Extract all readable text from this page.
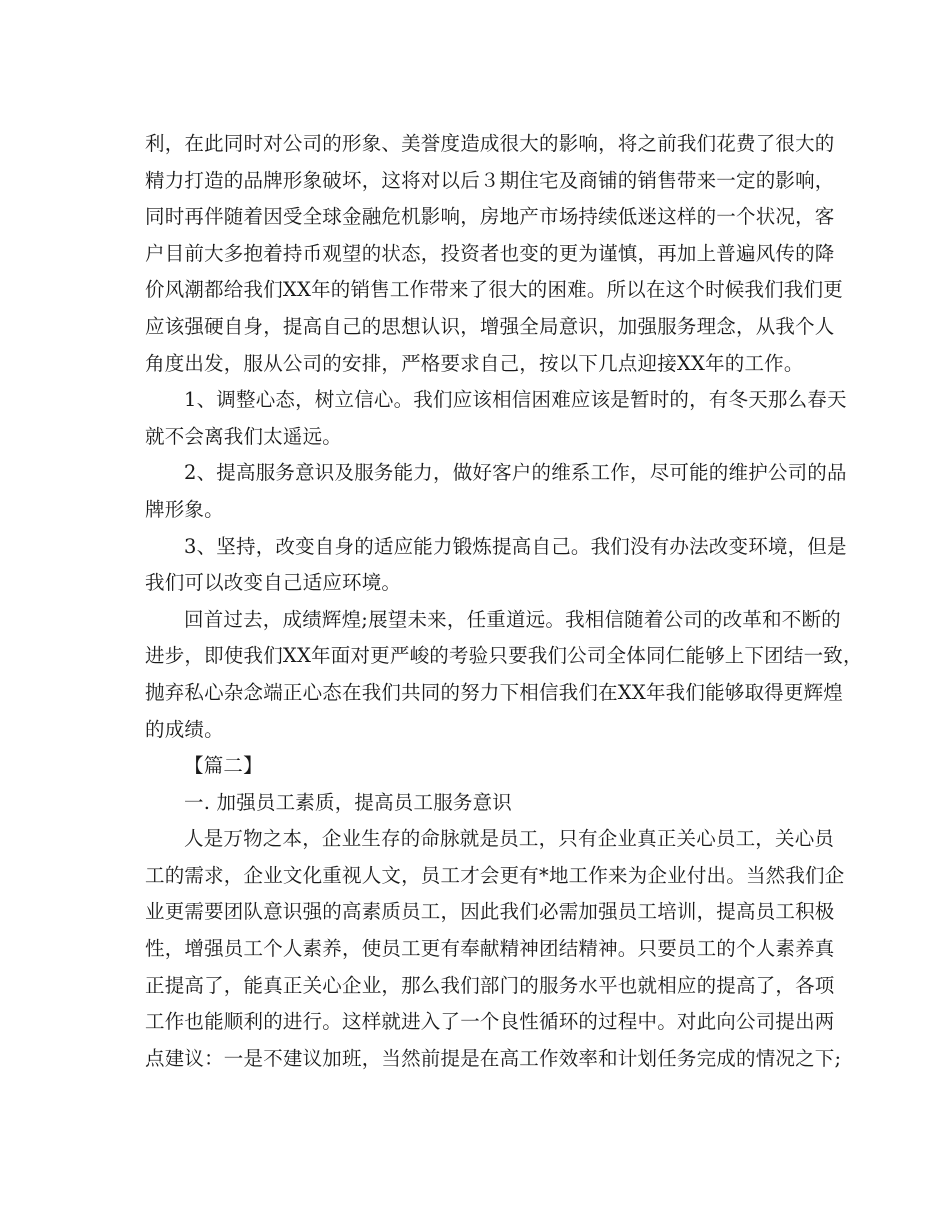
利，在此同时对公司的形象、美誉度造成很大的影响，将之前我们花费了很大的
精力打造的品牌形象破坏，这将对以后３期住宅及商铺的销售带来一定的影响，
同时再伴随着因受全球金融危机影响，房地产市场持续低迷这样的一个状况，客
户目前大多抱着持币观望的状态，投资者也变的更为谨慎，再加上普遍风传的降
价风潮都给我们XX年的销售工作带来了很大的困难。所以在这个时候我们我们更
应该强硬自身，提高自己的思想认识，增强全局意识，加强服务理念，从我个人
角度出发，服从公司的安排，严格要求自己，按以下几点迎接XX年的工作。
1、调整心态，树立信心。我们应该相信困难应该是暂时的，有冬天那么春天
就不会离我们太遥远。
2、提高服务意识及服务能力，做好客户的维系工作，尽可能的维护公司的品
牌形象。
3、坚持，改变自身的适应能力锻炼提高自己。我们没有办法改变环境，但是
我们可以改变自己适应环境。
回首过去，成绩辉煌;展望未来，任重道远。我相信随着公司的改革和不断的
进步，即使我们XX年面对更严峻的考验只要我们公司全体同仁能够上下团结一致，
抛弃私心杂念端正心态在我们共同的努力下相信我们在XX年我们能够取得更辉煌
的成绩。
【篇二】
一. 加强员工素质，提高员工服务意识
人是万物之本，企业生存的命脉就是员工，只有企业真正关心员工，关心员
工的需求，企业文化重视人文，员工才会更有*地工作来为企业付出。当然我们企
业更需要团队意识强的高素质员工，因此我们必需加强员工培训，提高员工积极
性，增强员工个人素养，使员工更有奉献精神团结精神。只要员工的个人素养真
正提高了，能真正关心企业，那么我们部门的服务水平也就相应的提高了，各项
工作也能顺利的进行。这样就进入了一个良性循环的过程中。对此向公司提出两
点建议：一是不建议加班，当然前提是在高工作效率和计划任务完成的情况之下;
